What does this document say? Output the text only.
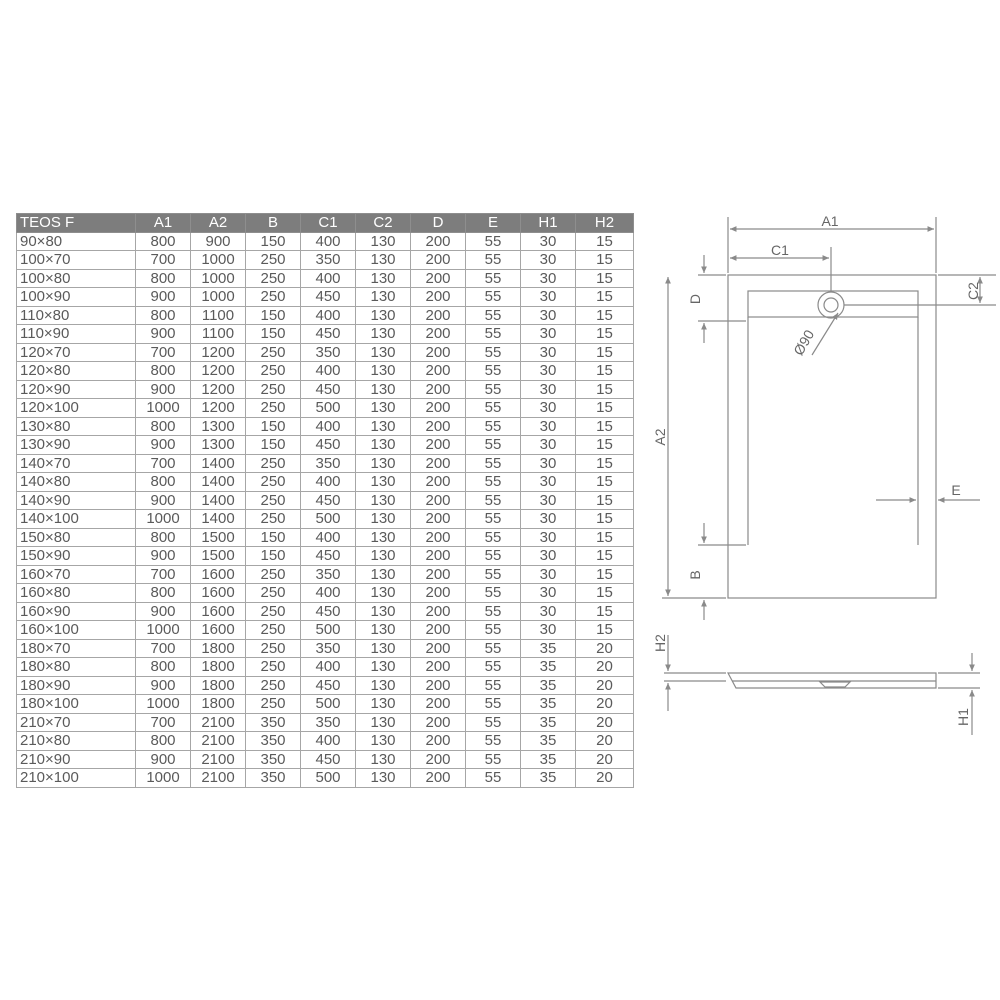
TEOS F	A1	A2	B	C1	C2	D	E	H1	H2
90×80	800	900	150	400	130	200	55	30	15
100×70	700	1000	250	350	130	200	55	30	15
100×80	800	1000	250	400	130	200	55	30	15
100×90	900	1000	250	450	130	200	55	30	15
110×80	800	1100	150	400	130	200	55	30	15
110×90	900	1100	150	450	130	200	55	30	15
120×70	700	1200	250	350	130	200	55	30	15
120×80	800	1200	250	400	130	200	55	30	15
120×90	900	1200	250	450	130	200	55	30	15
120×100	1000	1200	250	500	130	200	55	30	15
130×80	800	1300	150	400	130	200	55	30	15
130×90	900	1300	150	450	130	200	55	30	15
140×70	700	1400	250	350	130	200	55	30	15
140×80	800	1400	250	400	130	200	55	30	15
140×90	900	1400	250	450	130	200	55	30	15
140×100	1000	1400	250	500	130	200	55	30	15
150×80	800	1500	150	400	130	200	55	30	15
150×90	900	1500	150	450	130	200	55	30	15
160×70	700	1600	250	350	130	200	55	30	15
160×80	800	1600	250	400	130	200	55	30	15
160×90	900	1600	250	450	130	200	55	30	15
160×100	1000	1600	250	500	130	200	55	30	15
180×70	700	1800	250	350	130	200	55	35	20
180×80	800	1800	250	400	130	200	55	35	20
180×90	900	1800	250	450	130	200	55	35	20
180×100	1000	1800	250	500	130	200	55	35	20
210×70	700	2100	350	350	130	200	55	35	20
210×80	800	2100	350	400	130	200	55	35	20
210×90	900	2100	350	450	130	200	55	35	20
210×100	1000	2100	350	500	130	200	55	35	20
A1
C1
C2
D
A2
Ø90
E
B
H2
H1
